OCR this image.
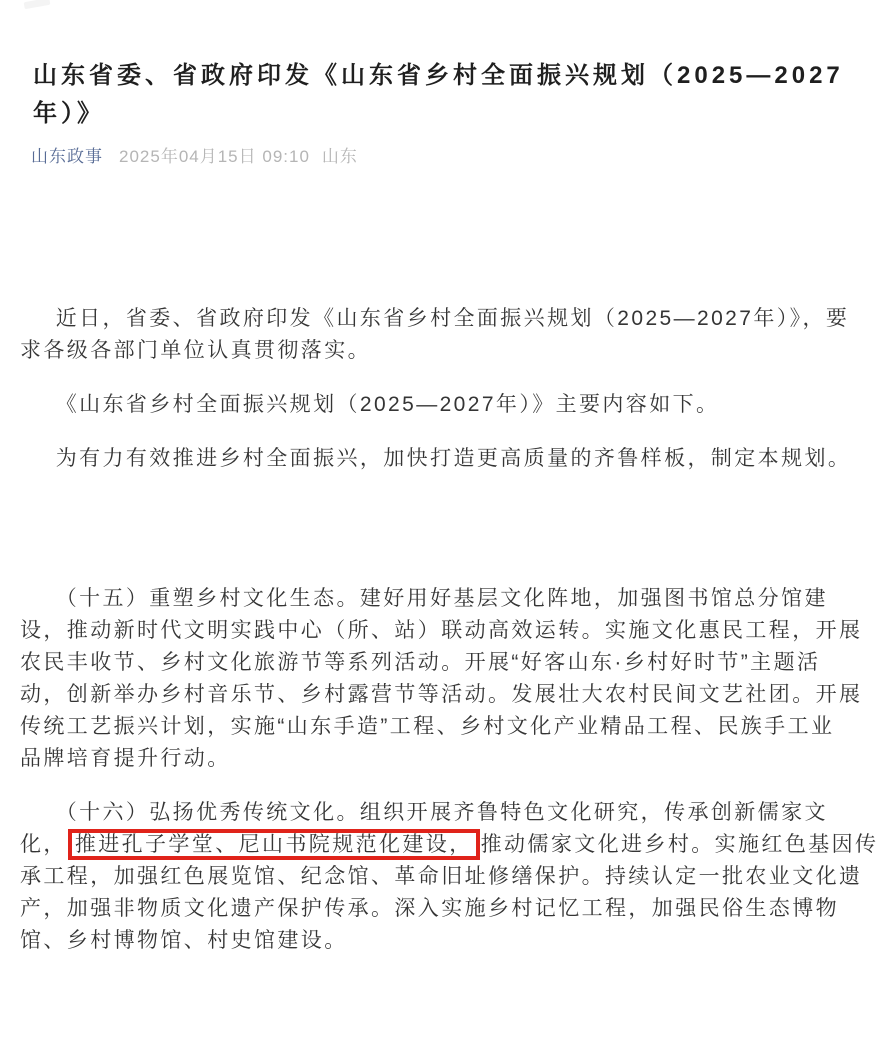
山东省委、省政府印发《山东省乡村全面振兴规划（2025—2027
年）》
山东政事 2025年04月15日 09:10 山东
近日，省委、省政府印发《山东省乡村全面振兴规划（2025—2027年）》，要
求各级各部门单位认真贯彻落实。
《山东省乡村全面振兴规划（2025—2027年）》主要内容如下。
为有力有效推进乡村全面振兴，加快打造更高质量的齐鲁样板，制定本规划。
（十五）重塑乡村文化生态。建好用好基层文化阵地，加强图书馆总分馆建
设，推动新时代文明实践中心（所、站）联动高效运转。实施文化惠民工程，开展
农民丰收节、乡村文化旅游节等系列活动。开展“好客山东·乡村好时节”主题活
动，创新举办乡村音乐节、乡村露营节等活动。发展壮大农村民间文艺社团。开展
传统工艺振兴计划，实施“山东手造”工程、乡村文化产业精品工程、民族手工业
品牌培育提升行动。
（十六）弘扬优秀传统文化。组织开展齐鲁特色文化研究，传承创新儒家文
化， 推进孔子学堂、尼山书院规范化建设， 推动儒家文化进乡村。实施红色基因传
承工程，加强红色展览馆、纪念馆、革命旧址修缮保护。持续认定一批农业文化遗
产，加强非物质文化遗产保护传承。深入实施乡村记忆工程，加强民俗生态博物
馆、乡村博物馆、村史馆建设。
